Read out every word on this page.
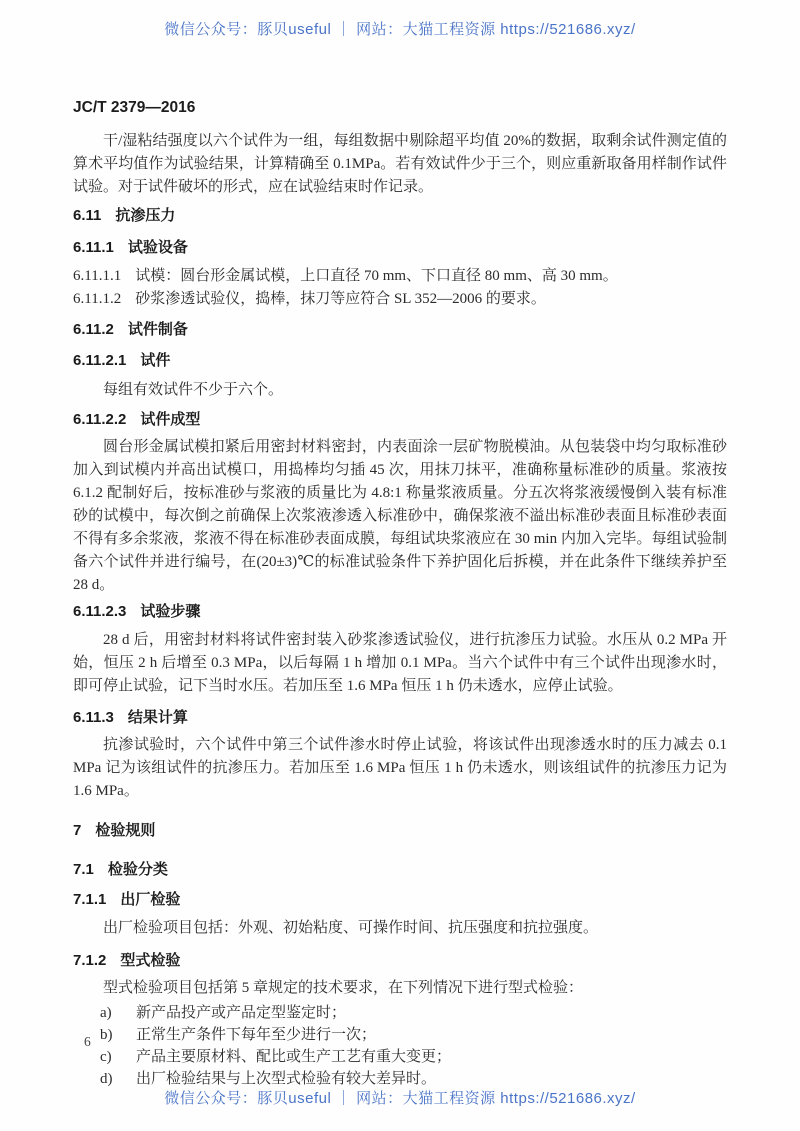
微信公众号：豚贝useful ｜ 网站：大猫工程资源 https://521686.xyz/
JC/T 2379—2016

干/湿粘结强度以六个试件为一组，每组数据中剔除超平均值 20%的数据，取剩余试件测定值的算术平均值作为试验结果，计算精确至 0.1MPa。若有效试件少于三个，则应重新取备用样制作试件试验。对于试件破坏的形式，应在试验结束时作记录。

6.11 抗渗压力
6.11.1 试验设备
6.11.1.1 试模：圆台形金属试模，上口直径 70 mm、下口直径 80 mm、高 30 mm。
6.11.1.2 砂浆渗透试验仪，捣棒，抹刀等应符合 SL 352—2006 的要求。
6.11.2 试件制备
6.11.2.1 试件

每组有效试件不少于六个。

6.11.2.2 试件成型

圆台形金属试模扣紧后用密封材料密封，内表面涂一层矿物脱模油。从包装袋中均匀取标准砂加入到试模内并高出试模口，用捣棒均匀插 45 次，用抹刀抹平，准确称量标准砂的质量。浆液按 6.1.2 配制好后，按标准砂与浆液的质量比为 4.8:1 称量浆液质量。分五次将浆液缓慢倒入装有标准砂的试模中，每次倒之前确保上次浆液渗透入标准砂中，确保浆液不溢出标准砂表面且标准砂表面不得有多余浆液，浆液不得在标准砂表面成膜，每组试块浆液应在 30 min 内加入完毕。每组试验制备六个试件并进行编号，在(20±3)℃的标准试验条件下养护固化后拆模，并在此条件下继续养护至 28 d。

6.11.2.3 试验步骤

28 d 后，用密封材料将试件密封装入砂浆渗透试验仪，进行抗渗压力试验。水压从 0.2 MPa 开始，恒压 2 h 后增至 0.3 MPa，以后每隔 1 h 增加 0.1 MPa。当六个试件中有三个试件出现渗水时，即可停止试验，记下当时水压。若加压至 1.6 MPa 恒压 1 h 仍未透水，应停止试验。

6.11.3 结果计算

抗渗试验时，六个试件中第三个试件渗水时停止试验，将该试件出现渗透水时的压力减去 0.1 MPa 记为该组试件的抗渗压力。若加压至 1.6 MPa 恒压 1 h 仍未透水，则该组试件的抗渗压力记为 1.6 MPa。

7 检验规则
7.1 检验分类
7.1.1 出厂检验

出厂检验项目包括：外观、初始粘度、可操作时间、抗压强度和抗拉强度。

7.1.2 型式检验

型式检验项目包括第 5 章规定的技术要求，在下列情况下进行型式检验：

a)	新产品投产或产品定型鉴定时；
b)	正常生产条件下每年至少进行一次；
c)	产品主要原材料、配比或生产工艺有重大变更；
d)	出厂检验结果与上次型式检验有较大差异时。
6
微信公众号：豚贝useful ｜ 网站：大猫工程资源 https://521686.xyz/
